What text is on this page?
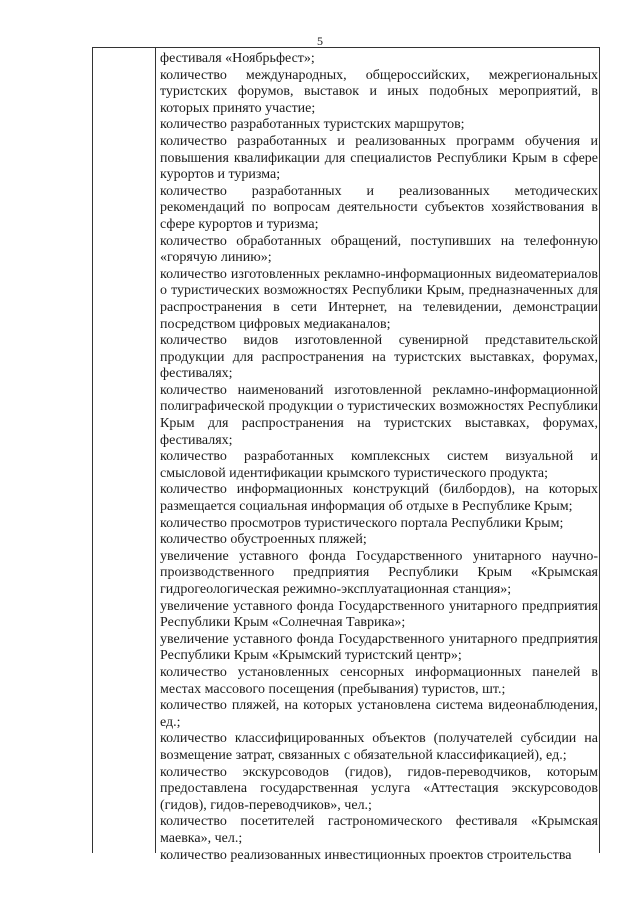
5

фестиваля «Ноябрьфест»;

количество международных, общероссийских, межрегиональных туристских форумов, выставок и иных подобных мероприятий, в которых принято участие;

количество разработанных туристских маршрутов;

количество разработанных и реализованных программ обучения и повышения квалификации для специалистов Республики Крым в сфере курортов и туризма;

количество разработанных и реализованных методических рекомендаций по вопросам деятельности субъектов хозяйствования в сфере курортов и туризма;

количество обработанных обращений, поступивших на телефонную «горячую линию»;

количество изготовленных рекламно-информационных видеоматериалов о туристических возможностях Республики Крым, предназначенных для распространения в сети Интернет, на телевидении, демонстрации посредством цифровых медиаканалов;

количество видов изготовленной сувенирной представительской продукции для распространения на туристских выставках, форумах, фестивалях;

количество наименований изготовленной рекламно-информационной полиграфической продукции о туристических возможностях Республики Крым для распространения на туристских выставках, форумах, фестивалях;

количество разработанных комплексных систем визуальной и смысловой идентификации крымского туристического продукта;

количество информационных конструкций (билбордов), на которых размещается социальная информация об отдыхе в Республике Крым;

количество просмотров туристического портала Республики Крым;

количество обустроенных пляжей;

увеличение уставного фонда Государственного унитарного научно-производственного предприятия Республики Крым «Крымская гидрогеологическая режимно-эксплуатационная станция»;

увеличение уставного фонда Государственного унитарного предприятия Республики Крым «Солнечная Таврика»;

увеличение уставного фонда Государственного унитарного предприятия Республики Крым «Крымский туристский центр»;

количество установленных сенсорных информационных панелей в местах массового посещения (пребывания) туристов, шт.;

количество пляжей, на которых установлена система видеонаблюдения, ед.;

количество классифицированных объектов (получателей субсидии на возмещение затрат, связанных с обязательной классификацией), ед.;

количество экскурсоводов (гидов), гидов-переводчиков, которым предоставлена государственная услуга «Аттестация экскурсоводов (гидов), гидов-переводчиков», чел.;

количество посетителей гастрономического фестиваля «Крымская маевка», чел.;

количество реализованных инвестиционных проектов строительства
